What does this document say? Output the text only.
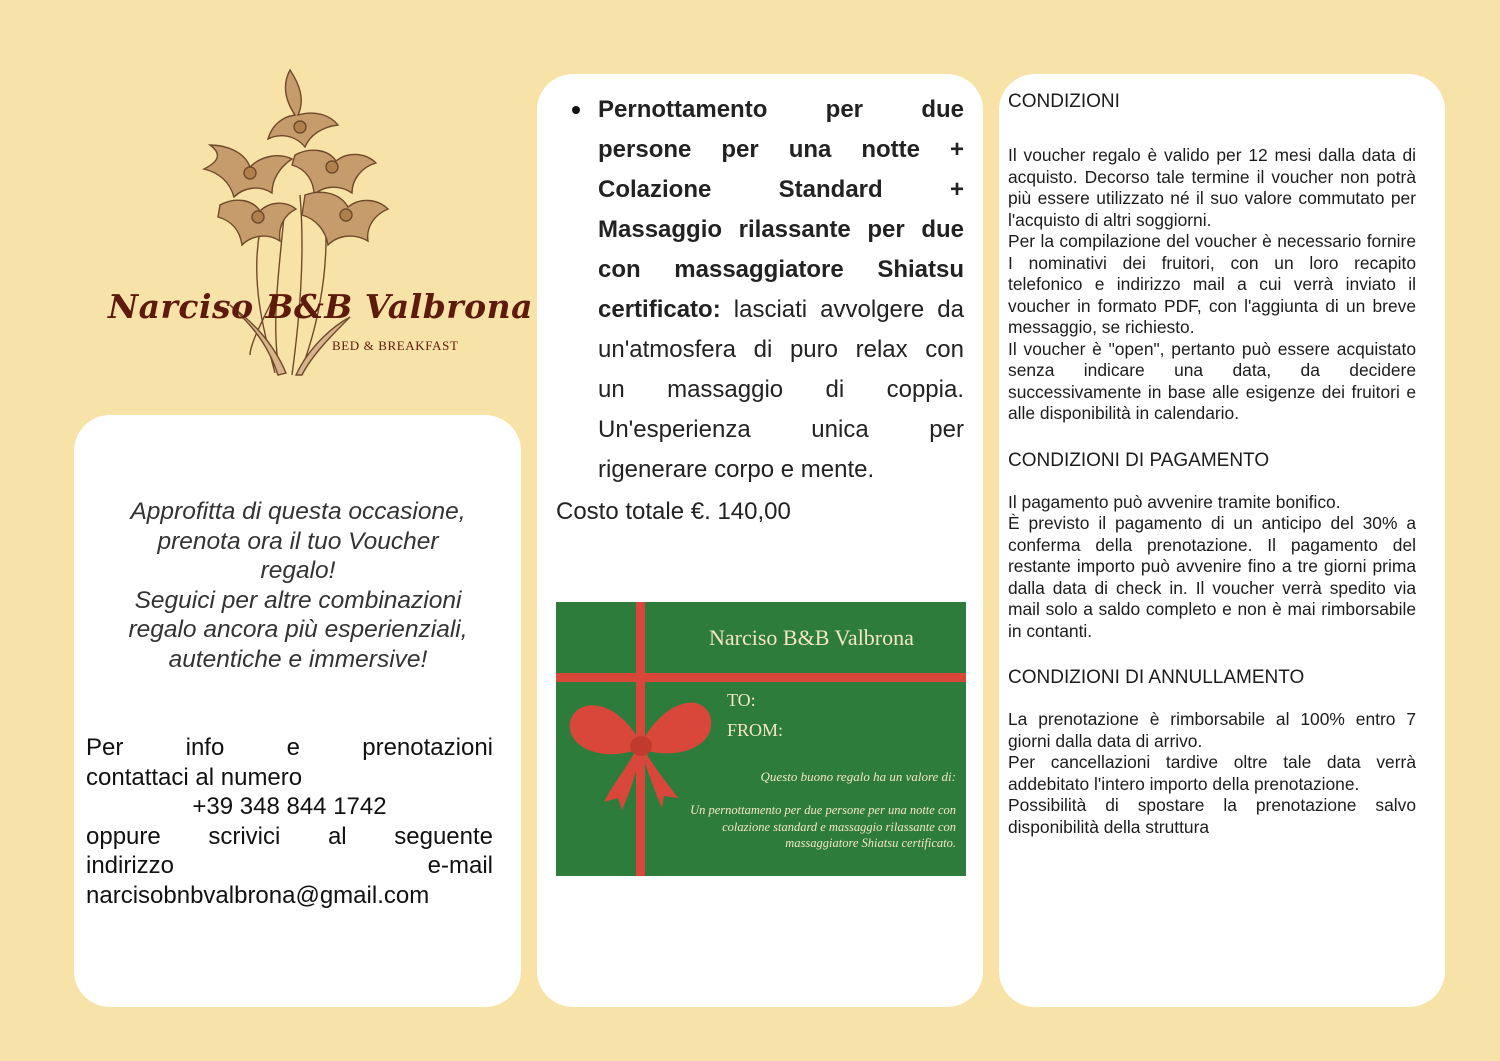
Narciso B&B Valbrona
BED & BREAKFAST
Approfitta di questa occasione,
prenota ora il tuo Voucher
regalo!
Seguici per altre combinazioni
regalo ancora più esperienziali,
autentiche e immersive!
Per info e prenotazioni
contattaci al numero
+39 348 844 1742
oppure scrivici al seguente
indirizzo e-mail
narcisobnbvalbrona@gmail.com
Pernottamento per due
persone per una notte +
Colazione Standard +
Massaggio rilassante per due
con massaggiatore Shiatsu
certificato: lasciati avvolgere da
un'atmosfera di puro relax con
un massaggio di coppia.
Un'esperienza unica per
rigenerare corpo e mente.
Costo totale €. 140,00
Narciso B&B Valbrona
TO:
FROM:
Questo buono regalo ha un valore di:
Un pernottamento per due persone per una notte con colazione standard e massaggio rilassante con massaggiatore Shiatsu certificato.
CONDIZIONI
Il voucher regalo è valido per 12 mesi dalla data di acquisto. Decorso tale termine il voucher non potrà più essere utilizzato né il suo valore commutato per l'acquisto di altri soggiorni.
Per la compilazione del voucher è necessario fornire I nominativi dei fruitori, con un loro recapito telefonico e indirizzo mail a cui verrà inviato il voucher in formato PDF, con l'aggiunta di un breve messaggio, se richiesto.
Il voucher è "open", pertanto può essere acquistato senza indicare una data, da decidere successivamente in base alle esigenze dei fruitori e alle disponibilità in calendario.
CONDIZIONI DI PAGAMENTO
Il pagamento può avvenire tramite bonifico.
È previsto il pagamento di un anticipo del 30% a conferma della prenotazione. Il pagamento del restante importo può avvenire fino a tre giorni prima dalla data di check in. Il voucher verrà spedito via mail solo a saldo completo e non è mai rimborsabile in contanti.
CONDIZIONI DI ANNULLAMENTO
La prenotazione è rimborsabile al 100% entro 7 giorni dalla data di arrivo.
Per cancellazioni tardive oltre tale data verrà addebitato l'intero importo della prenotazione.
Possibilità di spostare la prenotazione salvo disponibilità della struttura
